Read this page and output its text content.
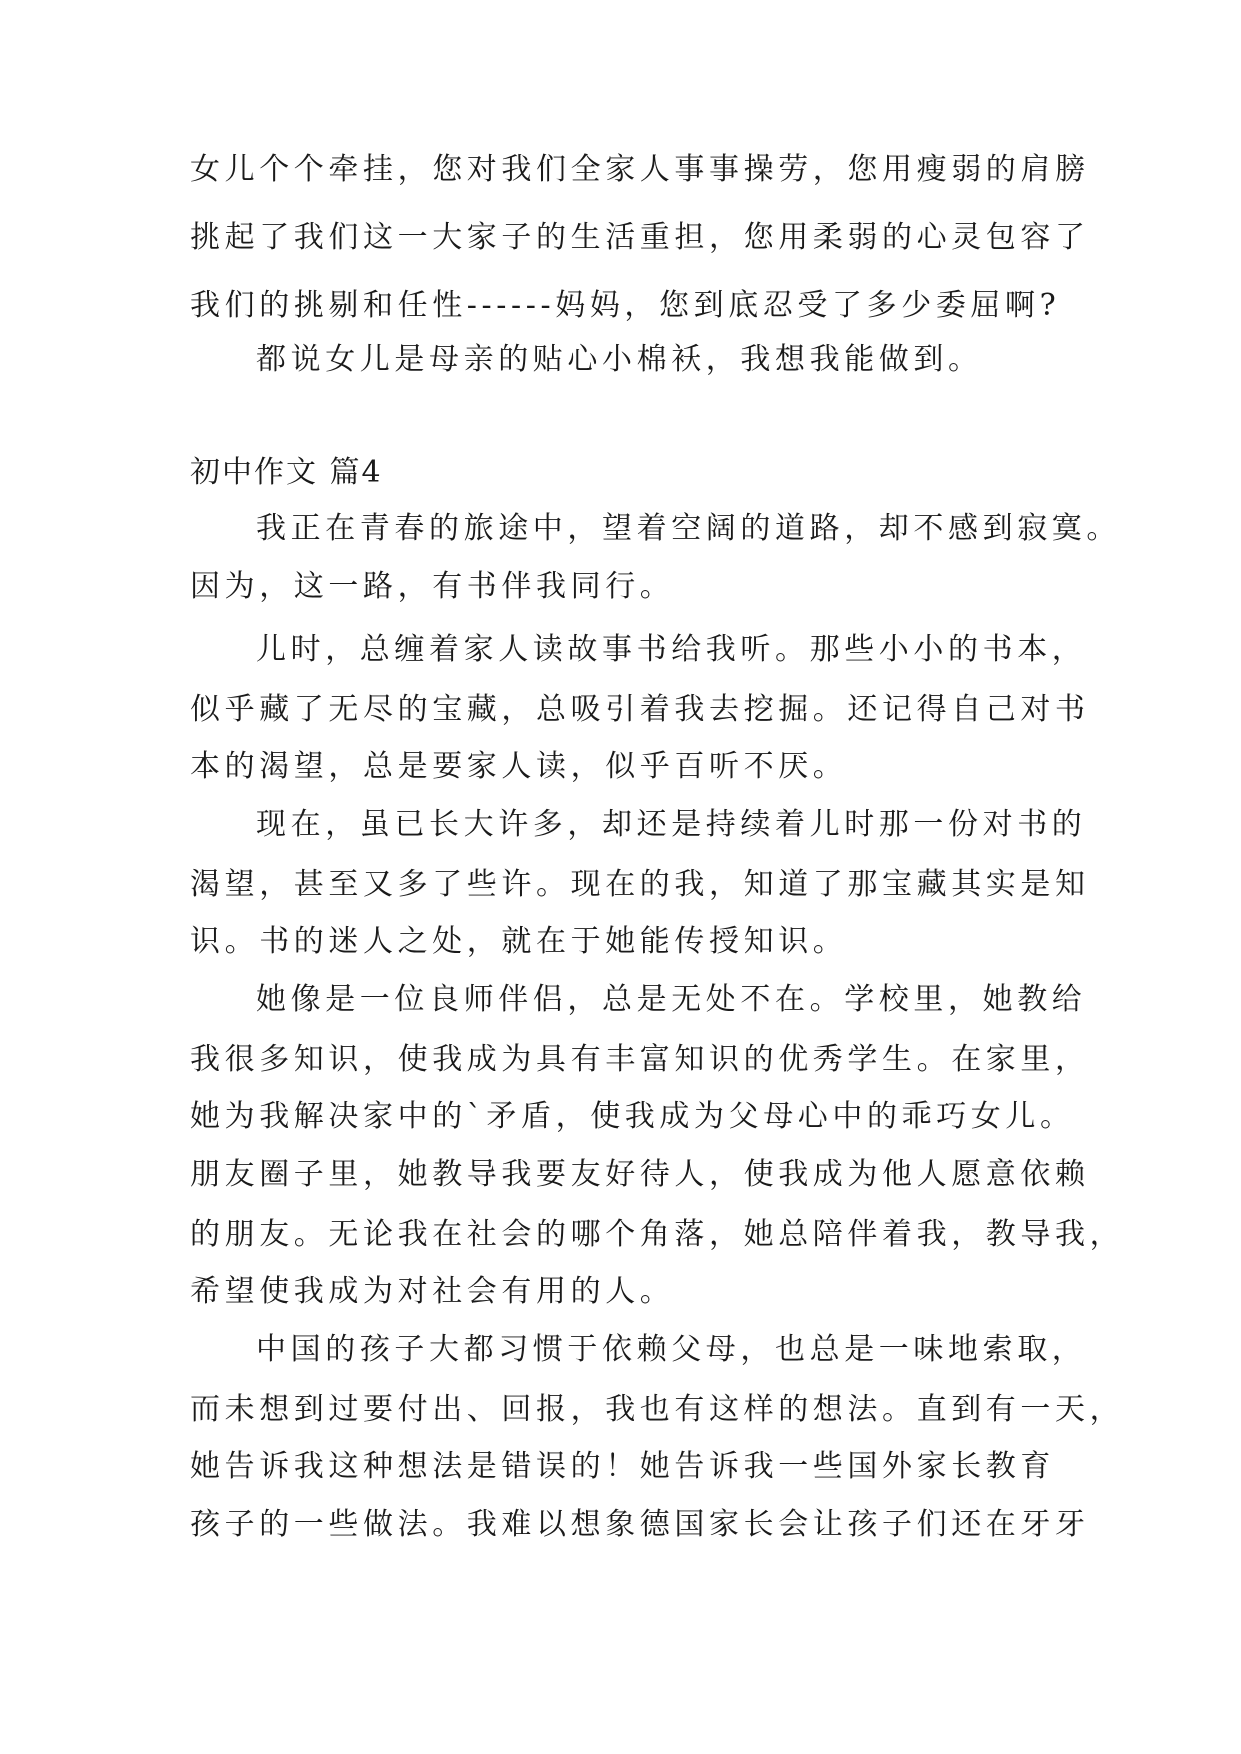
女儿个个牵挂，您对我们全家人事事操劳，您用瘦弱的肩膀
挑起了我们这一大家子的生活重担，您用柔弱的心灵包容了
我们的挑剔和任性------妈妈，您到底忍受了多少委屈啊?
都说女儿是母亲的贴心小棉袄，我想我能做到。
初中作文 篇4
我正在青春的旅途中，望着空阔的道路，却不感到寂寞。
因为，这一路，有书伴我同行。
儿时，总缠着家人读故事书给我听。那些小小的书本，
似乎藏了无尽的宝藏，总吸引着我去挖掘。还记得自己对书
本的渴望，总是要家人读，似乎百听不厌。
现在，虽已长大许多，却还是持续着儿时那一份对书的
渴望，甚至又多了些许。现在的我，知道了那宝藏其实是知
识。书的迷人之处，就在于她能传授知识。
她像是一位良师伴侣，总是无处不在。学校里，她教给
我很多知识，使我成为具有丰富知识的优秀学生。在家里，
她为我解决家中的`矛盾，使我成为父母心中的乖巧女儿。
朋友圈子里，她教导我要友好待人，使我成为他人愿意依赖
的朋友。无论我在社会的哪个角落，她总陪伴着我，教导我，
希望使我成为对社会有用的人。
中国的孩子大都习惯于依赖父母，也总是一味地索取，
而未想到过要付出、回报，我也有这样的想法。直到有一天，
她告诉我这种想法是错误的！她告诉我一些国外家长教育
孩子的一些做法。我难以想象德国家长会让孩子们还在牙牙
